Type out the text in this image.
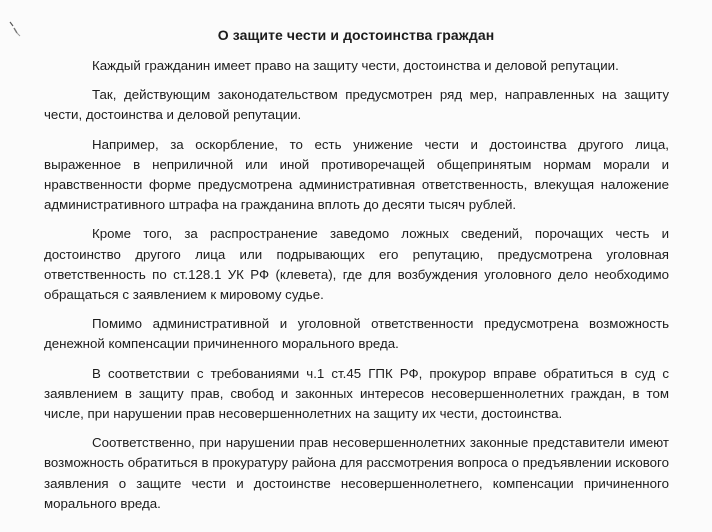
О защите чести и достоинства граждан

Каждый гражданин имеет право на защиту чести, достоинства и деловой репутации.

Так, действующим законодательством предусмотрен ряд мер, направленных на защиту чести, достоинства и деловой репутации.

Например, за оскорбление, то есть унижение чести и достоинства другого лица, выраженное в неприличной или иной противоречащей общепринятым нормам морали и нравственности форме предусмотрена административная ответственность, влекущая наложение административного штрафа на гражданина вплоть до десяти тысяч рублей.

Кроме того, за распространение заведомо ложных сведений, порочащих честь и достоинство другого лица или подрывающих его репутацию, предусмотрена уголовная ответственность по ст.128.1 УК РФ (клевета), где для возбуждения уголовного дело необходимо обращаться с заявлением к мировому судье.

Помимо административной и уголовной ответственности предусмотрена возможность денежной компенсации причиненного морального вреда.

В соответствии с требованиями ч.1 ст.45 ГПК РФ, прокурор вправе обратиться в суд с заявлением в защиту прав, свобод и законных интересов несовершеннолетних граждан, в том числе, при нарушении прав несовершеннолетних на защиту их чести, достоинства.

Соответственно, при нарушении прав несовершеннолетних законные представители имеют возможность обратиться в прокуратуру района для рассмотрения вопроса о предъявлении искового заявления о защите чести и достоинстве несовершеннолетнего, компенсации причиненного морального вреда.
